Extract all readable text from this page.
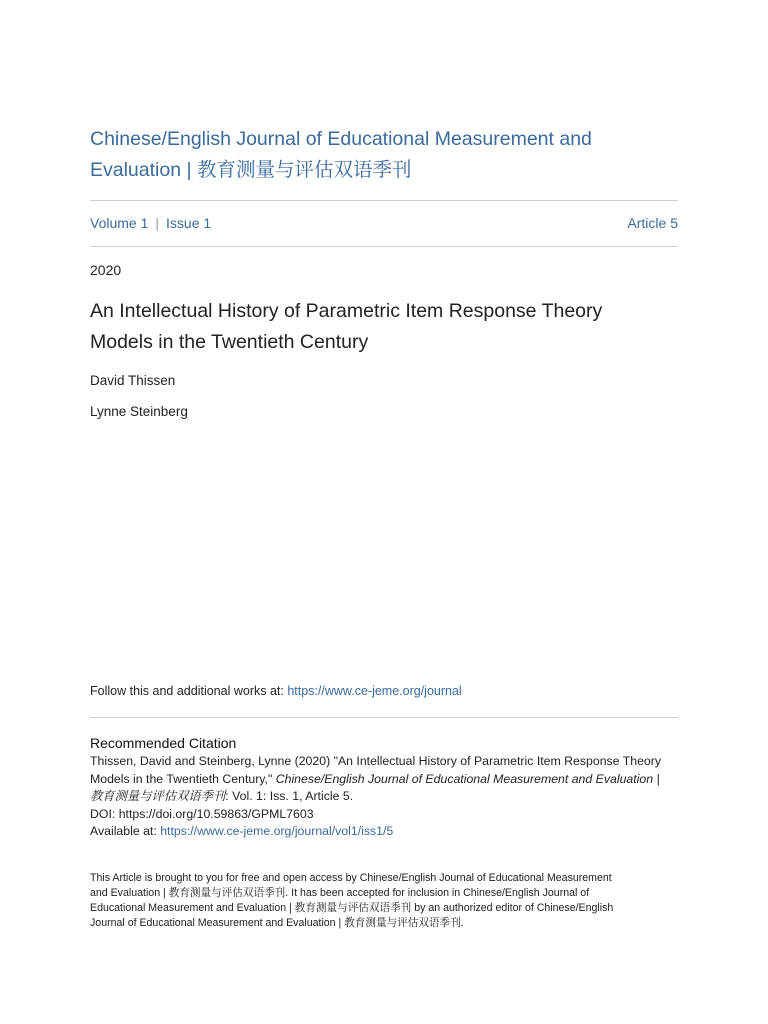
Chinese/English Journal of Educational Measurement and
Evaluation | 教育测量与评估双语季刊
Volume 1 | Issue 1	Article 5
2020
An Intellectual History of Parametric Item Response Theory
Models in the Twentieth Century
David Thissen
Lynne Steinberg
Follow this and additional works at: https://www.ce-jeme.org/journal
Recommended Citation
Thissen, David and Steinberg, Lynne (2020) "An Intellectual History of Parametric Item Response Theory
Models in the Twentieth Century," Chinese/English Journal of Educational Measurement and Evaluation |
教育测量与评估双语季刊: Vol. 1: Iss. 1, Article 5.
DOI: https://doi.org/10.59863/GPML7603
Available at: https://www.ce-jeme.org/journal/vol1/iss1/5
This Article is brought to you for free and open access by Chinese/English Journal of Educational Measurement
and Evaluation | 教育测量与评估双语季刊. It has been accepted for inclusion in Chinese/English Journal of
Educational Measurement and Evaluation | 教育测量与评估双语季刊 by an authorized editor of Chinese/English
Journal of Educational Measurement and Evaluation | 教育测量与评估双语季刊.
